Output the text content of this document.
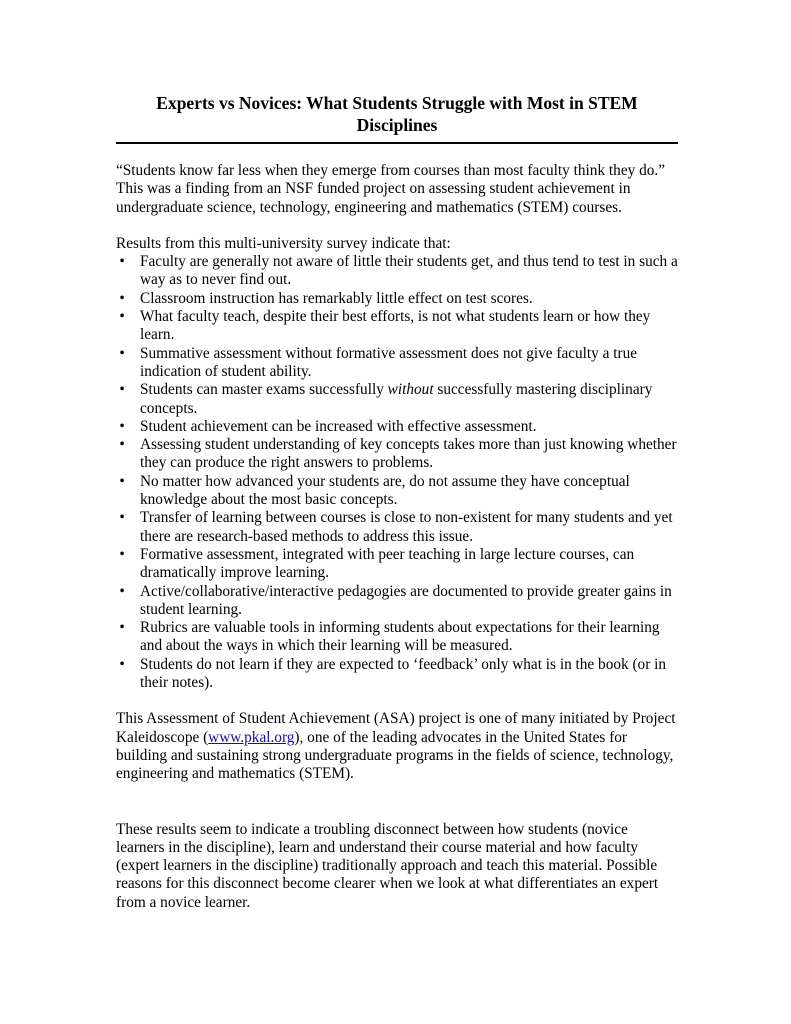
Experts vs Novices: What Students Struggle with Most in STEM Disciplines

“Students know far less when they emerge from courses than most faculty think they do.” This was a finding from an NSF funded project on assessing student achievement in undergraduate science, technology, engineering and mathematics (STEM) courses.

Results from this multi-university survey indicate that:

• Faculty are generally not aware of little their students get, and thus tend to test in such a way as to never find out.
• Classroom instruction has remarkably little effect on test scores.
• What faculty teach, despite their best efforts, is not what students learn or how they learn.
• Summative assessment without formative assessment does not give faculty a true indication of student ability.
• Students can master exams successfully without successfully mastering disciplinary concepts.
• Student achievement can be increased with effective assessment.
• Assessing student understanding of key concepts takes more than just knowing whether they can produce the right answers to problems.
• No matter how advanced your students are, do not assume they have conceptual knowledge about the most basic concepts.
• Transfer of learning between courses is close to non-existent for many students and yet there are research-based methods to address this issue.
• Formative assessment, integrated with peer teaching in large lecture courses, can dramatically improve learning.
• Active/collaborative/interactive pedagogies are documented to provide greater gains in student learning.
• Rubrics are valuable tools in informing students about expectations for their learning and about the ways in which their learning will be measured.
• Students do not learn if they are expected to ‘feedback’ only what is in the book (or in their notes).

This Assessment of Student Achievement (ASA) project is one of many initiated by Project Kaleidoscope (www.pkal.org), one of the leading advocates in the United States for building and sustaining strong undergraduate programs in the fields of science, technology, engineering and mathematics (STEM).

These results seem to indicate a troubling disconnect between how students (novice learners in the discipline), learn and understand their course material and how faculty (expert learners in the discipline) traditionally approach and teach this material. Possible reasons for this disconnect become clearer when we look at what differentiates an expert from a novice learner.
